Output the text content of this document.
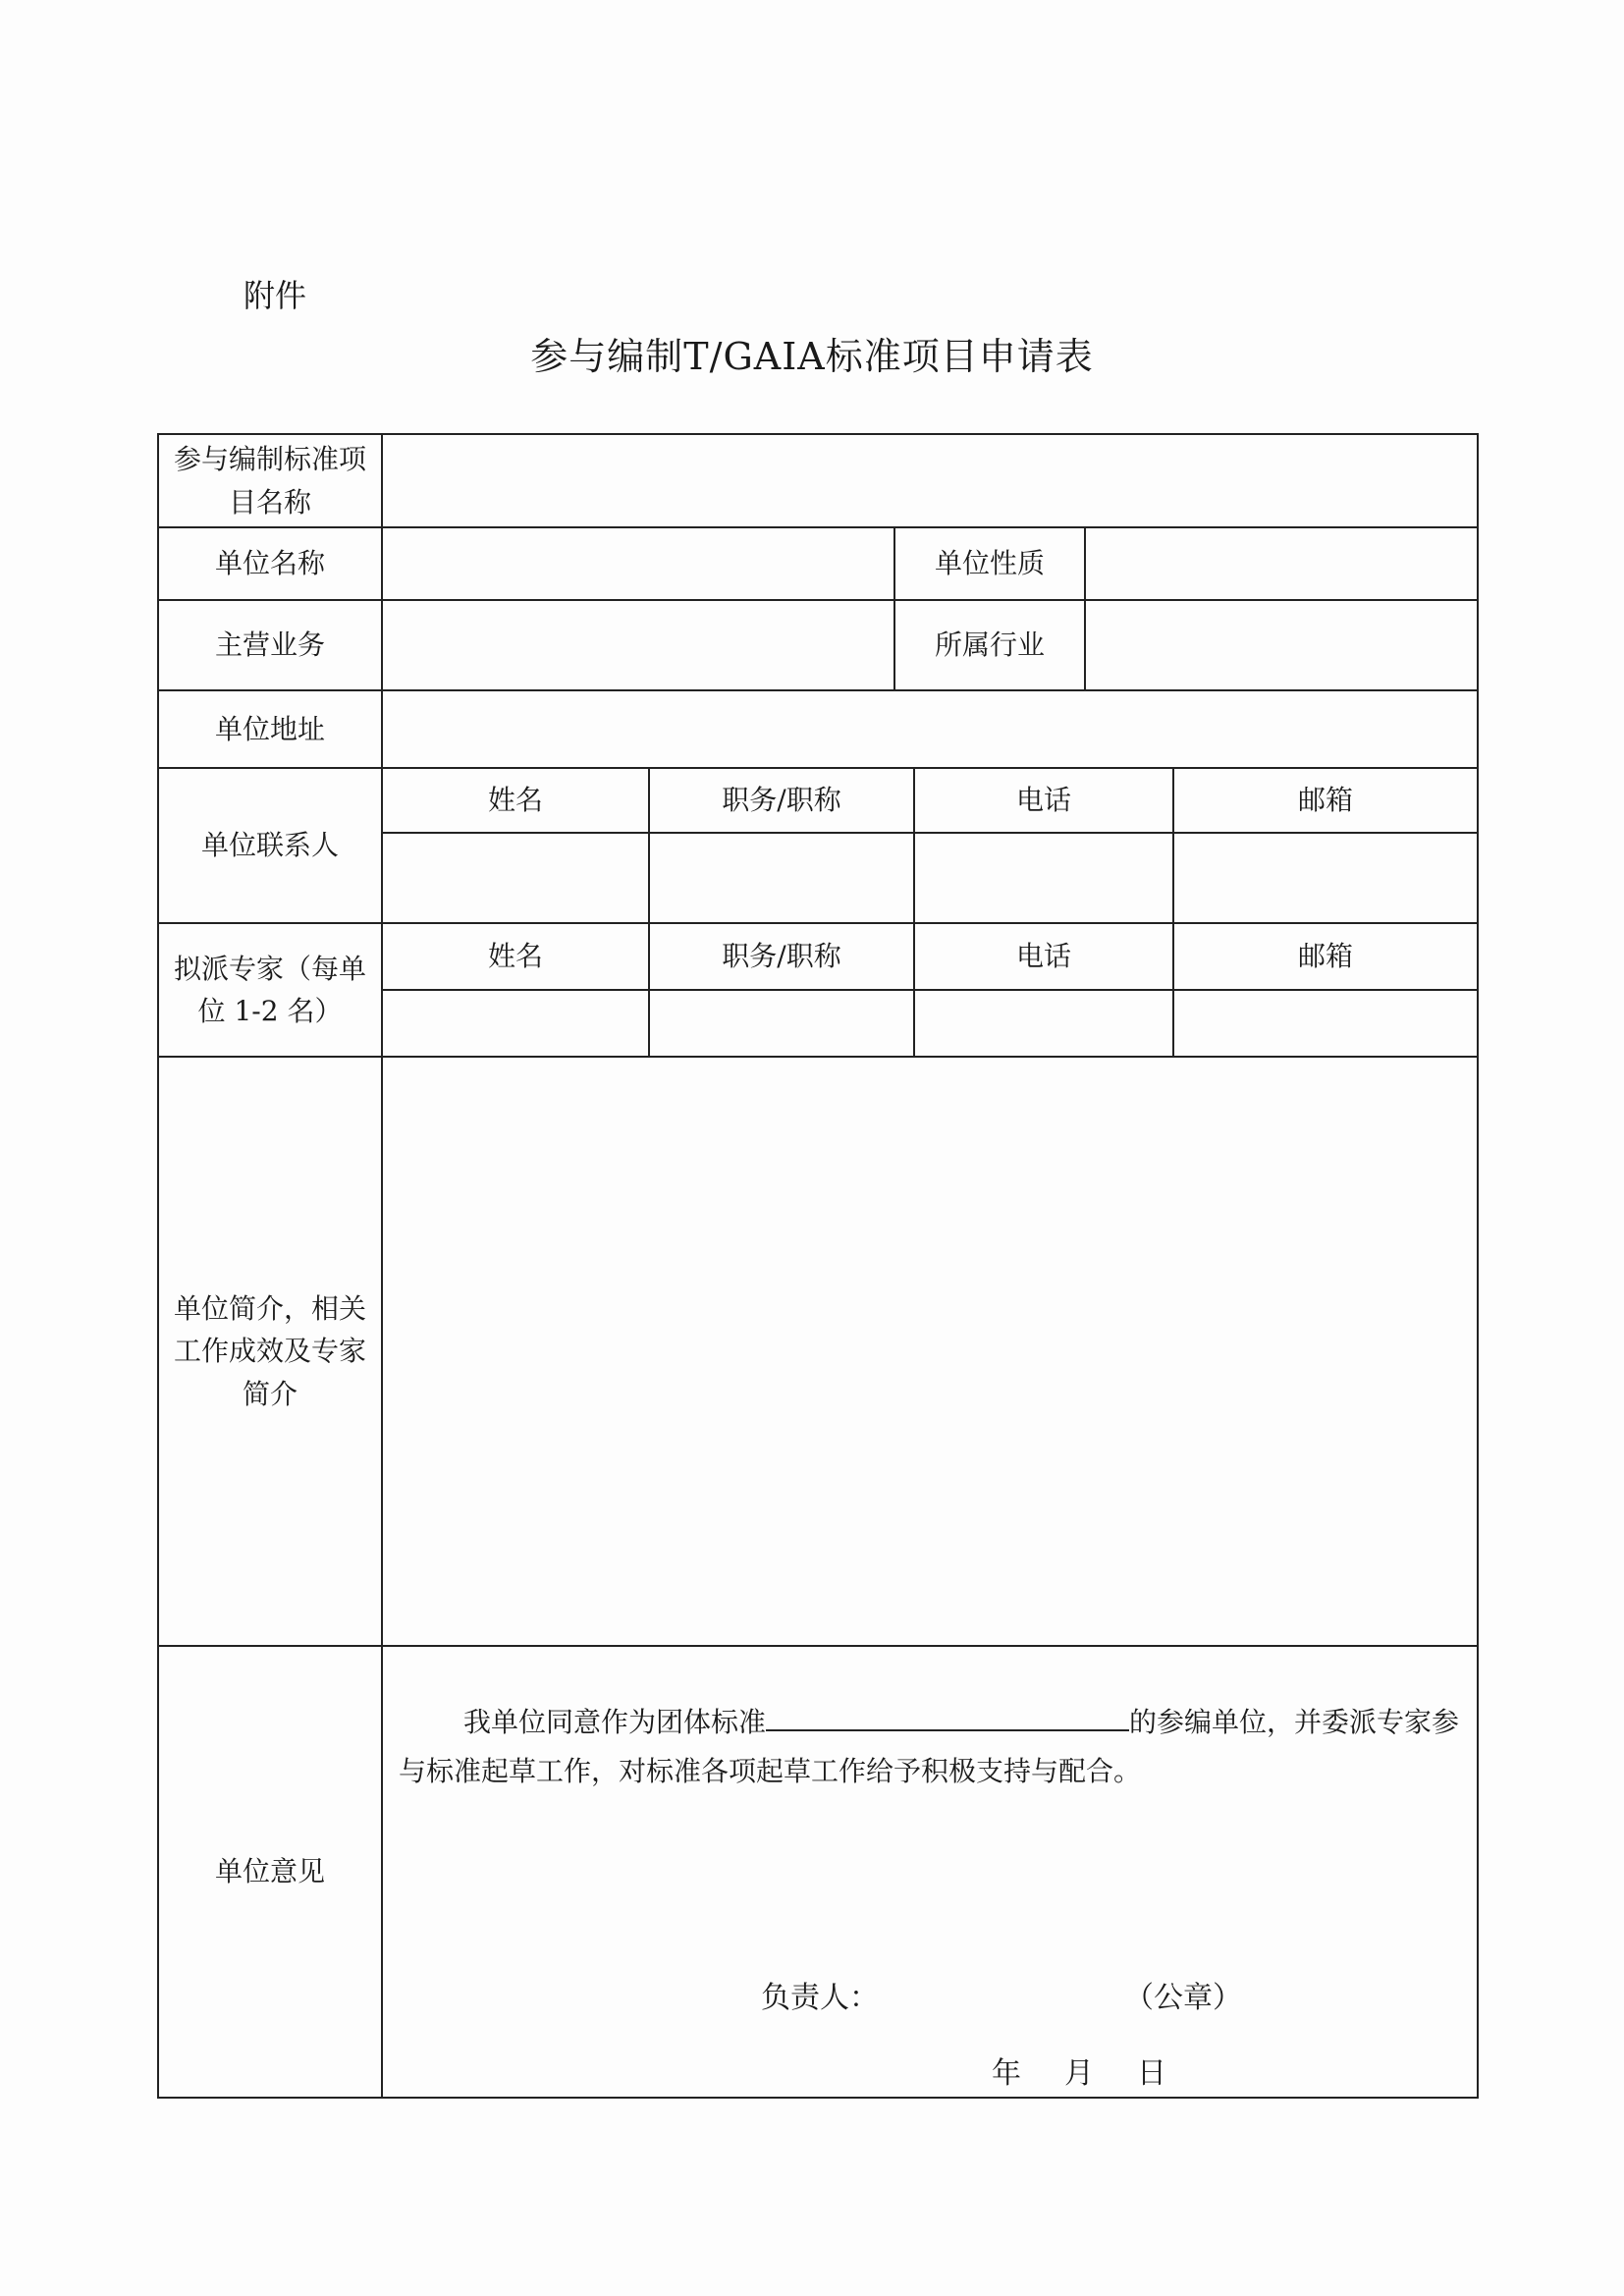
附件
参与编制T/GAIA标准项目申请表
参与编制标准项目名称						
单位名称			单位性质			
主营业务			所属行业			
单位地址						
单位联系人	姓名	职务/职称		电话		邮箱

拟派专家（每单位 1-2 名）	姓名	职务/职称		电话		邮箱

单位简介，相关工作成效及专家简介						
单位意见	我单位同意作为团体标准 的参编单位，并委派专家参与标准起草工作，对标准各项起草工作给予积极支持与配合。
负责人： （公章）
年 月 日					
